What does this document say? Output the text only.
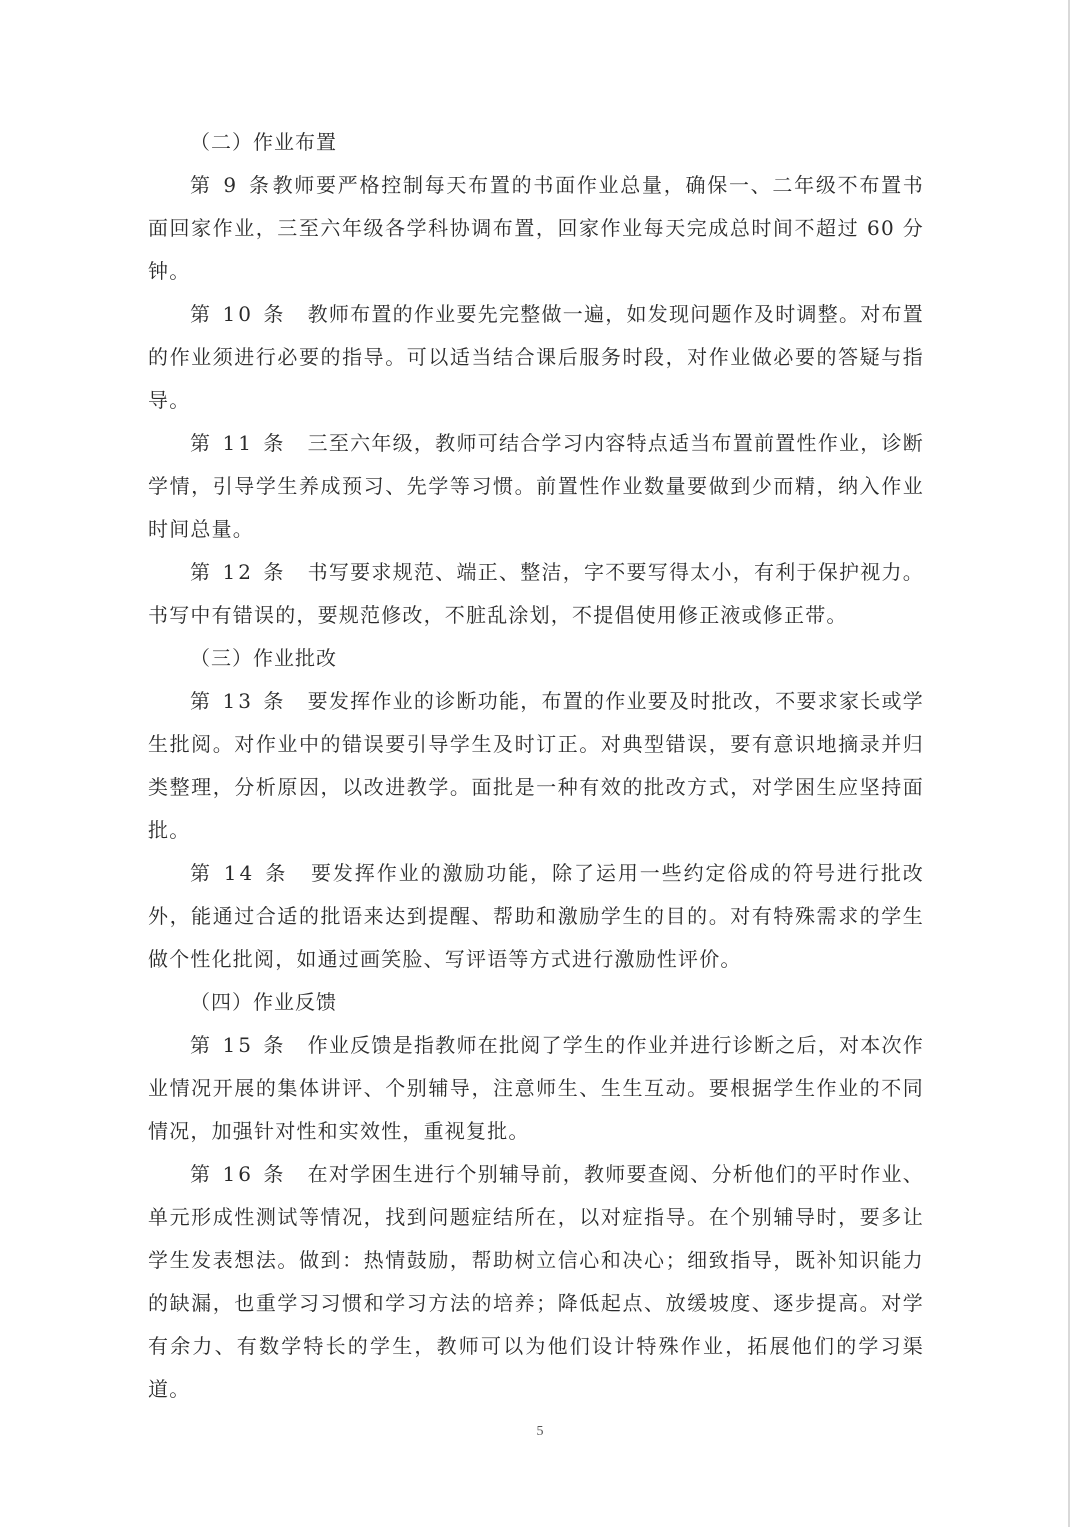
（二）作业布置

第 9 条教师要严格控制每天布置的书面作业总量，确保一、二年级不布置书面回家作业，三至六年级各学科协调布置，回家作业每天完成总时间不超过 60 分钟。

第 10 条　 教师布置的作业要先完整做一遍，如发现问题作及时调整。对布置的作业须进行必要的指导。可以适当结合课后服务时段，对作业做必要的答疑与指导。

第 11 条　 三至六年级，教师可结合学习内容特点适当布置前置性作业，诊断学情，引导学生养成预习、先学等习惯。前置性作业数量要做到少而精，纳入作业时间总量。

第 12 条　 书写要求规范、端正、整洁，字不要写得太小，有利于保护视力。书写中有错误的，要规范修改，不脏乱涂划，不提倡使用修正液或修正带。

（三）作业批改

第 13 条　 要发挥作业的诊断功能，布置的作业要及时批改，不要求家长或学生批阅。对作业中的错误要引导学生及时订正。对典型错误，要有意识地摘录并归类整理，分析原因，以改进教学。面批是一种有效的批改方式，对学困生应坚持面批。

第 14 条　 要发挥作业的激励功能，除了运用一些约定俗成的符号进行批改外，能通过合适的批语来达到提醒、帮助和激励学生的目的。对有特殊需求的学生做个性化批阅，如通过画笑脸、写评语等方式进行激励性评价。

（四）作业反馈

第 15 条　 作业反馈是指教师在批阅了学生的作业并进行诊断之后，对本次作业情况开展的集体讲评、个别辅导，注意师生、生生互动。要根据学生作业的不同情况，加强针对性和实效性，重视复批。

第 16 条　 在对学困生进行个别辅导前，教师要查阅、分析他们的平时作业、单元形成性测试等情况，找到问题症结所在，以对症指导。在个别辅导时，要多让学生发表想法。做到：热情鼓励，帮助树立信心和决心；细致指导，既补知识能力的缺漏，也重学习习惯和学习方法的培养；降低起点、放缓坡度、逐步提高。对学有余力、有数学特长的学生，教师可以为他们设计特殊作业，拓展他们的学习渠道。

5
